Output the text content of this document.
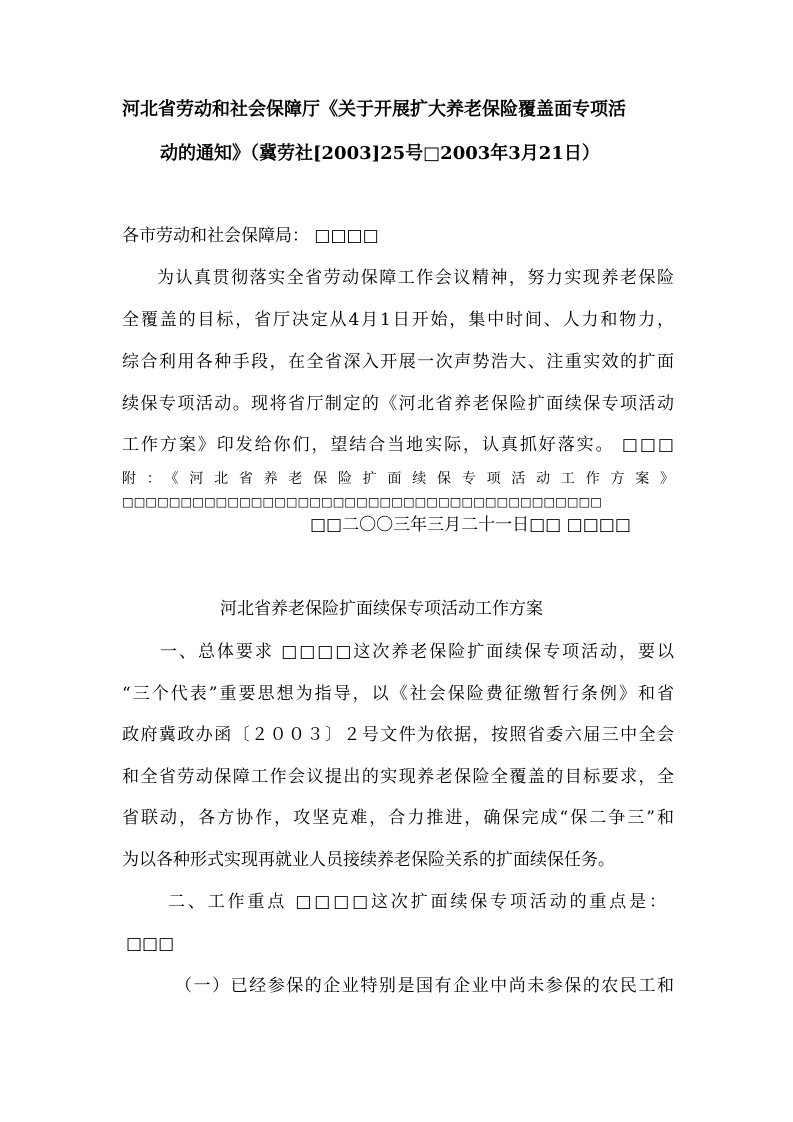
河北省劳动和社会保障厅《关于开展扩大养老保险覆盖面专项活
动的通知》（冀劳社[2003]25号□2003年3月21日）
各市劳动和社会保障局： □□□□
为认真贯彻落实全省劳动保障工作会议精神，努力实现养老保险
全覆盖的目标，省厅决定从4月1日开始，集中时间、人力和物力，
综合利用各种手段，在全省深入开展一次声势浩大、注重实效的扩面
续保专项活动。现将省厅制定的《河北省养老保险扩面续保专项活动
工作方案》印发给你们，望结合当地实际，认真抓好落实。 □□□
附：《河北省养老保险扩面续保专项活动工作方案》
□□□□□□□□□□□□□□□□□□□□□□□□□□□□□□□□□□□□□□□□□
□□二〇〇三年三月二十一日□□ □□□□
河北省养老保险扩面续保专项活动工作方案
一、总体要求 □□□□这次养老保险扩面续保专项活动，要以
“三个代表”重要思想为指导，以《社会保险费征缴暂行条例》和省
政府冀政办函〔２００３〕２号文件为依据，按照省委六届三中全会
和全省劳动保障工作会议提出的实现养老保险全覆盖的目标要求，全
省联动，各方协作，攻坚克难，合力推进，确保完成“保二争三”和
为以各种形式实现再就业人员接续养老保险关系的扩面续保任务。
二、工作重点 □□□□这次扩面续保专项活动的重点是：
□□□
（一）已经参保的企业特别是国有企业中尚未参保的农民工和
